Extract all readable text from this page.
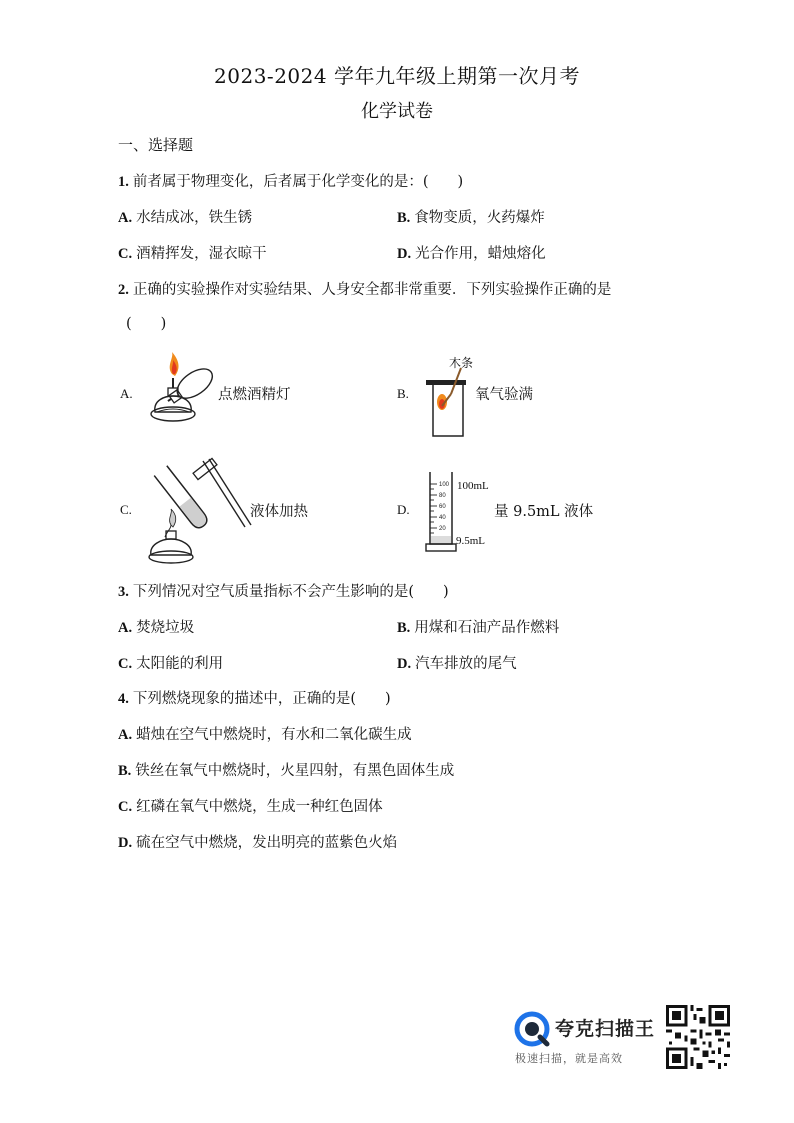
2023-2024 学年九年级上期第一次月考
化学试卷
一、选择题
1. 前者属于物理变化，后者属于化学变化的是：(　　)
A. 水结成冰，铁生锈	B. 食物变质，火药爆炸
C. 酒精挥发，湿衣晾干	D. 光合作用，蜡烛熔化
2. 正确的实验操作对实验结果、人身安全都非常重要．下列实验操作正确的是
(　　)
A.	点燃酒精灯	B.
木条
氧气验满
C.	液体加热	D.
100
80
60
40
20
100mL
9.5mL
量 9.5mL 液体
3. 下列情况对空气质量指标不会产生影响的是(　　)
A. 焚烧垃圾	B. 用煤和石油产品作燃料
C. 太阳能的利用	D. 汽车排放的尾气
4. 下列燃烧现象的描述中，正确的是(　　)
A. 蜡烛在空气中燃烧时，有水和二氧化碳生成
B. 铁丝在氧气中燃烧时，火星四射，有黑色固体生成
C. 红磷在氧气中燃烧，生成一种红色固体
D. 硫在空气中燃烧，发出明亮的蓝紫色火焰
夸克扫描王
极速扫描，就是高效
